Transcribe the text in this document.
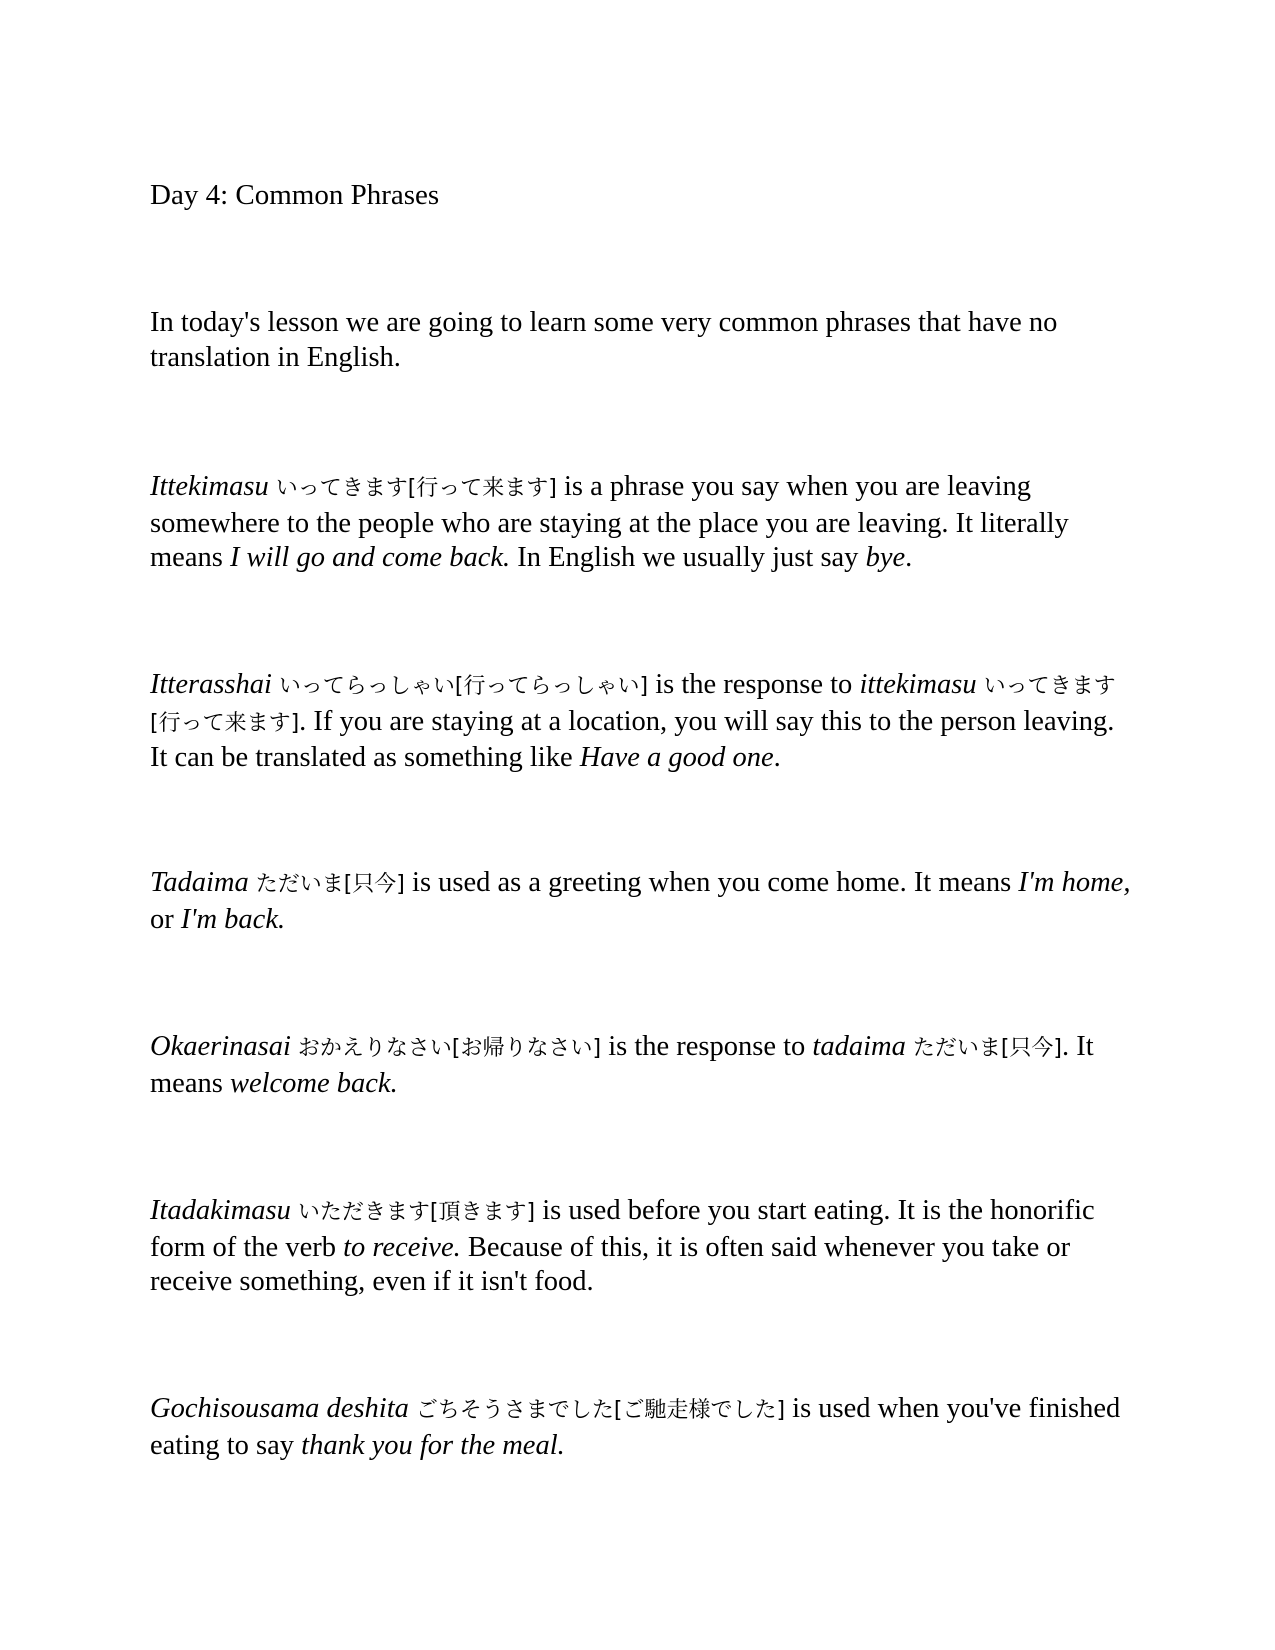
Day 4: Common Phrases

In today's lesson we are going to learn some very common phrases that have no translation in English.

Ittekimasu いってきます[行って来ます] is a phrase you say when you are leaving somewhere to the people who are staying at the place you are leaving. It literally means I will go and come back. In English we usually just say bye.

Itterasshai いってらっしゃい[行ってらっしゃい] is the response to ittekimasu いってきます[行って来ます]. If you are staying at a location, you will say this to the person leaving. It can be translated as something like Have a good one.

Tadaima ただいま[只今] is used as a greeting when you come home. It means I'm home, or I'm back.

Okaerinasai おかえりなさい[お帰りなさい] is the response to tadaima ただいま[只今]. It means welcome back.

Itadakimasu いただきます[頂きます] is used before you start eating. It is the honorific form of the verb to receive. Because of this, it is often said whenever you take or receive something, even if it isn't food.

Gochisousama deshita ごちそうさまでした[ご馳走様でした] is used when you've finished eating to say thank you for the meal.
